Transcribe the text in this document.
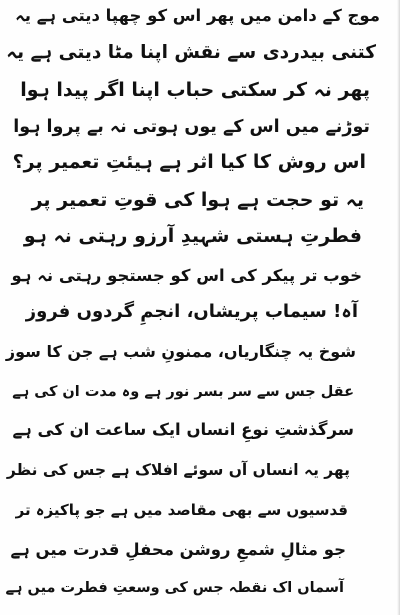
موج کے دامن میں پھر اس کو چھپا دیتی ہے یہ
کتنی بیدردی سے نقش اپنا مٹا دیتی ہے یہ
پھر نہ کر سکتی حباب اپنا اگر پیدا ہوا
توڑنے میں اس کے یوں ہوتی نہ بے پروا ہوا
اس روش کا کیا اثر ہے ہیئتِ تعمیر پر؟
یہ تو حجت ہے ہوا کی قوتِ تعمیر پر
فطرتِ ہستی شہیدِ آرزو رہتی نہ ہو
خوب تر پیکر کی اس کو جستجو رہتی نہ ہو
آہ! سیماب پریشاں، انجمِ گردوں فروز
شوخ یہ چنگاریاں، ممنونِ شب ہے جن کا سوز
عقل جس سے سر بسر نور ہے وہ مدت ان کی ہے
سرگذشتِ نوعِ انساں ایک ساعت ان کی ہے
پھر یہ انساں آں سوئے افلاک ہے جس کی نظر
قدسیوں سے بھی مقاصد میں ہے جو پاکیزہ تر
جو مثالِ شمعِ روشن محفلِ قدرت میں ہے
آسماں اک نقطہ جس کی وسعتِ فطرت میں ہے
